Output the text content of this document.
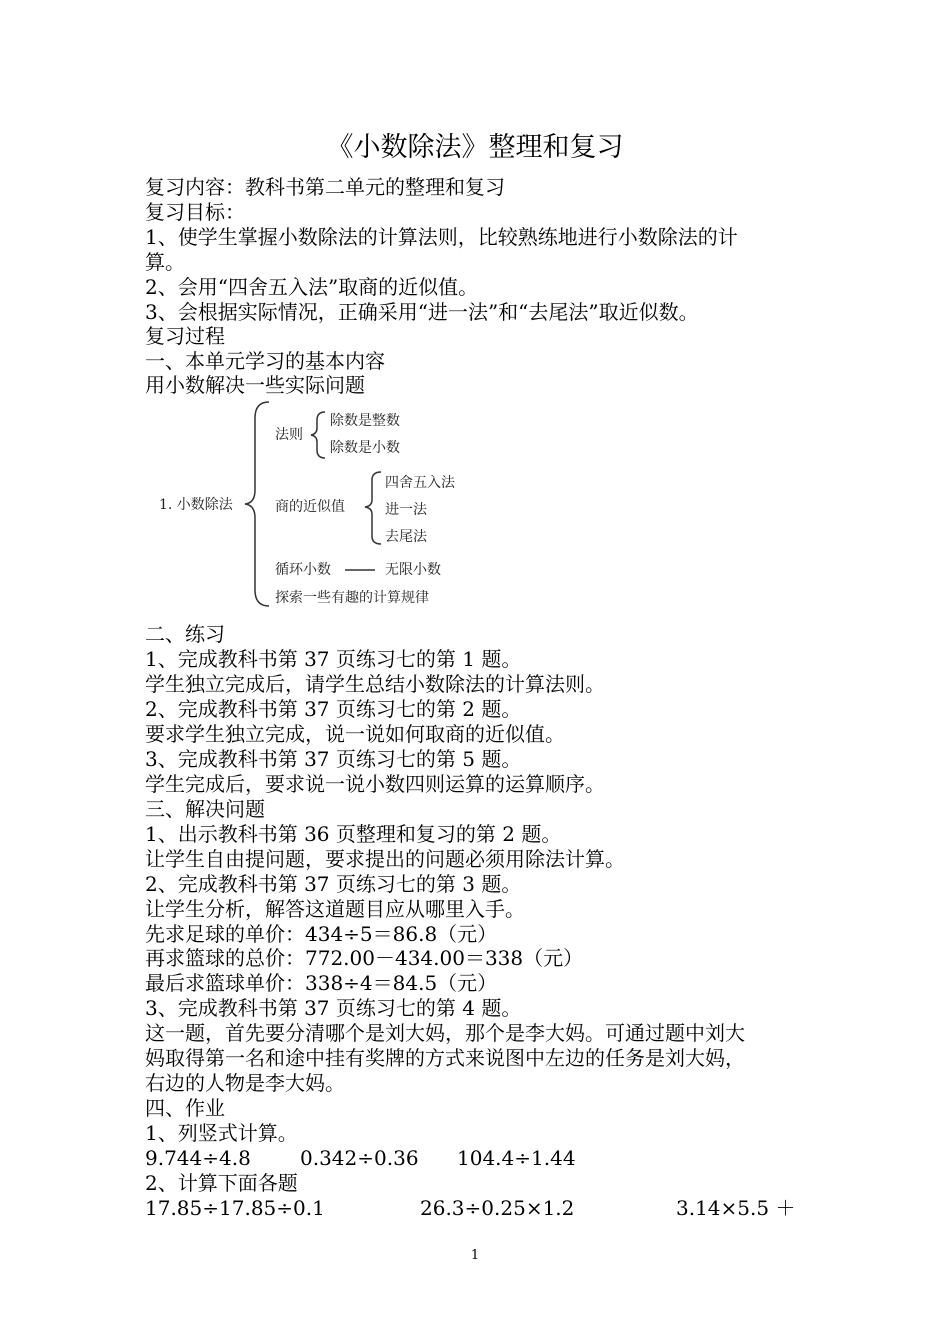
《小数除法》整理和复习
复习内容：教科书第二单元的整理和复习
复习目标：
1、使学生掌握小数除法的计算法则，比较熟练地进行小数除法的计
算。
2、会用“四舍五入法”取商的近似值。
3、会根据实际情况，正确采用“进一法”和“去尾法”取近似数。
复习过程
一、本单元学习的基本内容
用小数解决一些实际问题
1. 小数除法
法则
除数是整数
除数是小数
商的近似值
四舍五入法
进一法
去尾法
循环小数	无限小数
探索一些有趣的计算规律
二、练习
1、完成教科书第 37 页练习七的第 1 题。
学生独立完成后，请学生总结小数除法的计算法则。
2、完成教科书第 37 页练习七的第 2 题。
要求学生独立完成，说一说如何取商的近似值。
3、完成教科书第 37 页练习七的第 5 题。
学生完成后，要求说一说小数四则运算的运算顺序。
三、解决问题
1、出示教科书第 36 页整理和复习的第 2 题。
让学生自由提问题，要求提出的问题必须用除法计算。
2、完成教科书第 37 页练习七的第 3 题。
让学生分析，解答这道题目应从哪里入手。
先求足球的单价：434÷5＝86.8（元）
再求篮球的总价：772.00－434.00＝338（元）
最后求篮球单价：338÷4＝84.5（元）
3、完成教科书第 37 页练习七的第 4 题。
这一题，首先要分清哪个是刘大妈，那个是李大妈。可通过题中刘大
妈取得第一名和途中挂有奖牌的方式来说图中左边的任务是刘大妈，
右边的人物是李大妈。
四、作业
1、列竖式计算。
9.744÷4.8 0.342÷0.36 104.4÷1.44
2、计算下面各题
17.85÷17.85÷0.1	26.3÷0.25×1.2	3.14×5.5 ＋
1
